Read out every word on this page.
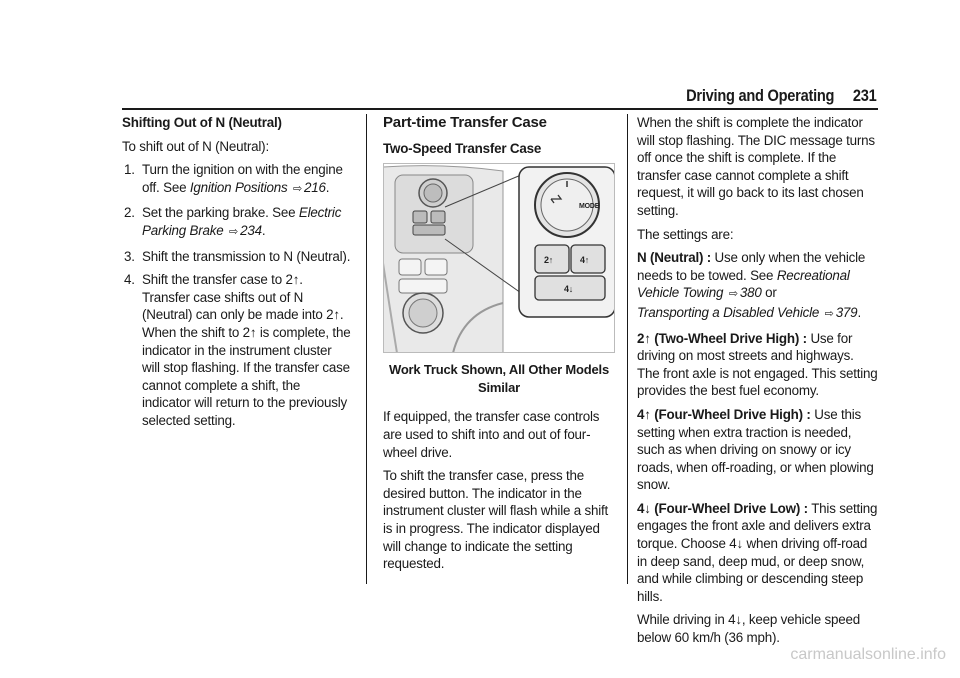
Driving and Operating 231
Shifting Out of N (Neutral)
To shift out of N (Neutral):
1. Turn the ignition on with the engine off. See Ignition Positions ⇨ 216.
2. Set the parking brake. See Electric Parking Brake ⇨ 234.
3. Shift the transmission to N (Neutral).
4. Shift the transfer case to 2↑. Transfer case shifts out of N (Neutral) can only be made into 2↑. When the shift to 2↑ is complete, the indicator in the instrument cluster will stop flashing. If the transfer case cannot complete a shift, the indicator will return to the previously selected setting.
Part-time Transfer Case
Two-Speed Transfer Case
MODE
2↑	4↑
4↓
Work Truck Shown, All Other Models Similar
If equipped, the transfer case controls are used to shift into and out of four-wheel drive.
To shift the transfer case, press the desired button. The indicator in the instrument cluster will flash while a shift is in progress. The indicator displayed will change to indicate the setting requested.
When the shift is complete the indicator will stop flashing. The DIC message turns off once the shift is complete. If the transfer case cannot complete a shift request, it will go back to its last chosen setting.
The settings are:
N (Neutral) : Use only when the vehicle needs to be towed. See Recreational Vehicle Towing ⇨ 380 or
Transporting a Disabled Vehicle ⇨ 379.
2↑ (Two-Wheel Drive High) : Use for driving on most streets and highways. The front axle is not engaged. This setting provides the best fuel economy.
4↑ (Four-Wheel Drive High) : Use this setting when extra traction is needed, such as when driving on snowy or icy roads, when off-roading, or when plowing snow.
4↓ (Four-Wheel Drive Low) : This setting engages the front axle and delivers extra torque. Choose 4↓ when driving off-road in deep sand, deep mud, or deep snow, and while climbing or descending steep hills.
While driving in 4↓, keep vehicle speed below 60 km/h (36 mph).
carmanualsonline.info
